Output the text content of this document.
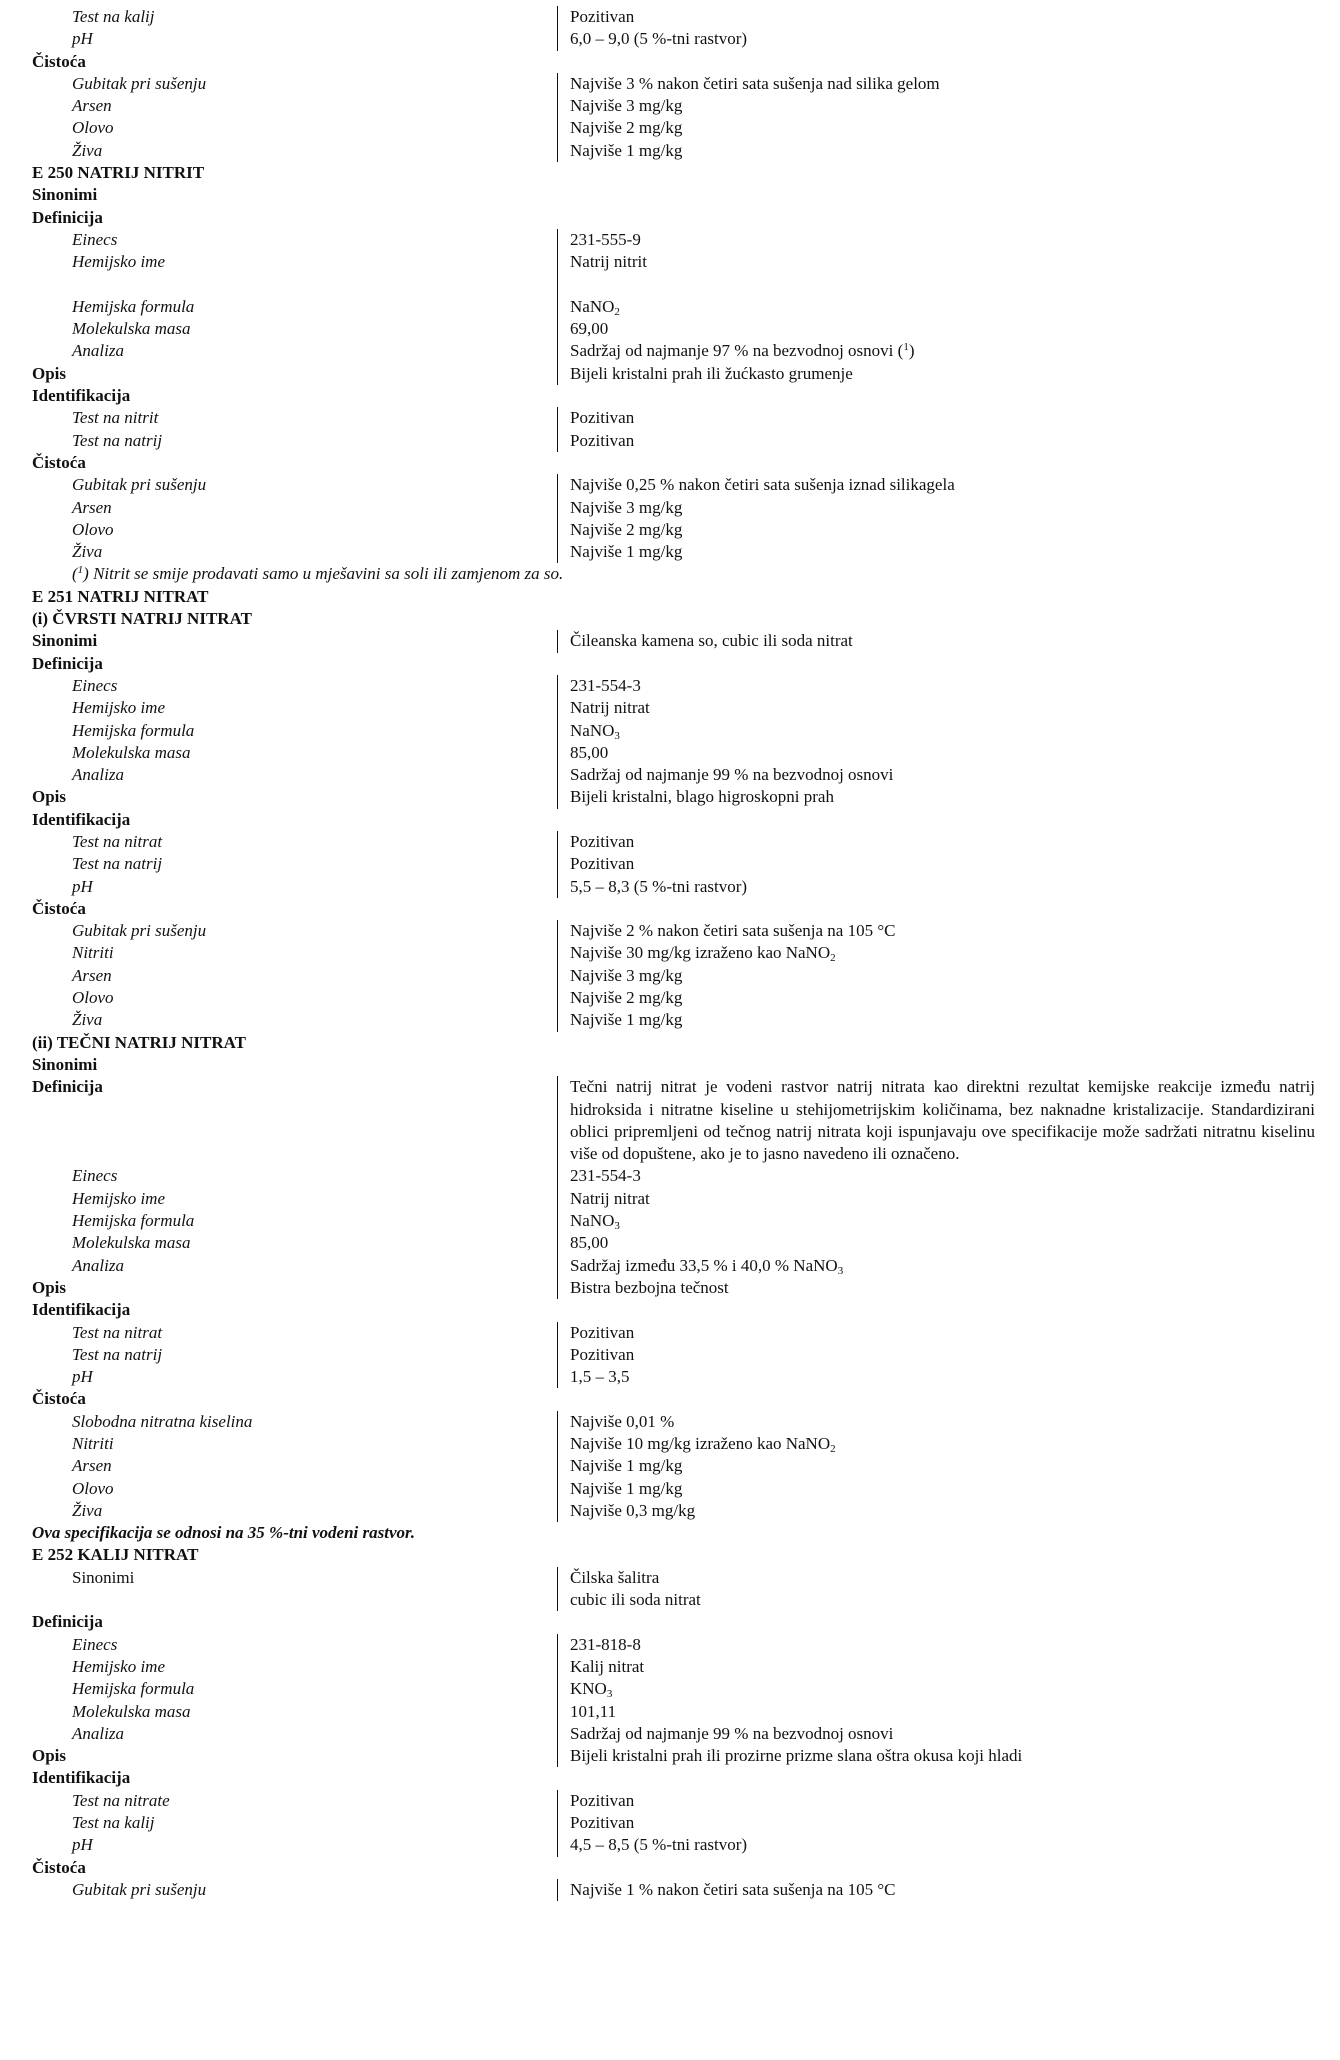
Test na kalij	Pozitivan
pH	6,0 – 9,0 (5 %-tni rastvor)
Čistoća
Gubitak pri sušenju	Najviše 3 % nakon četiri sata sušenja nad silika gelom
Arsen	Najviše 3 mg/kg
Olovo	Najviše 2 mg/kg
Živa	Najviše 1 mg/kg
E 250 NATRIJ NITRIT
Sinonimi
Definicija
Einecs	231-555-9
Hemijsko ime	Natrij nitrit

Hemijska formula	NaNO$_2$
Molekulska masa	69,00
Analiza	Sadržaj od najmanje 97 % na bezvodnoj osnovi ($^1$)
Opis	Bijeli kristalni prah ili žućkasto grumenje
Identifikacija
Test na nitrit	Pozitivan
Test na natrij	Pozitivan
Čistoća
Gubitak pri sušenju	Najviše 0,25 % nakon četiri sata sušenja iznad silikagela
Arsen	Najviše 3 mg/kg
Olovo	Najviše 2 mg/kg
Živa	Najviše 1 mg/kg
($^1$) Nitrit se smije prodavati samo u mješavini sa soli ili zamjenom za so.
E 251 NATRIJ NITRAT
(i) ČVRSTI NATRIJ NITRAT
Sinonimi	Čileanska kamena so, cubic ili soda nitrat
Definicija
Einecs	231-554-3
Hemijsko ime	Natrij nitrat
Hemijska formula	NaNO$_3$
Molekulska masa	85,00
Analiza	Sadržaj od najmanje 99 % na bezvodnoj osnovi
Opis	Bijeli kristalni, blago higroskopni prah
Identifikacija
Test na nitrat	Pozitivan
Test na natrij	Pozitivan
pH	5,5 – 8,3 (5 %-tni rastvor)
Čistoća
Gubitak pri sušenju	Najviše 2 % nakon četiri sata sušenja na 105 °C
Nitriti	Najviše 30 mg/kg izraženo kao NaNO$_2$
Arsen	Najviše 3 mg/kg
Olovo	Najviše 2 mg/kg
Živa	Najviše 1 mg/kg
(ii) TEČNI NATRIJ NITRAT
Sinonimi
Definicija	Tečni natrij nitrat je vodeni rastvor natrij nitrata kao direktni rezultat kemijske reakcije između natrij hidroksida i nitratne kiseline u stehijometrijskim količinama, bez naknadne kristalizacije. Standardizirani oblici pripremljeni od tečnog natrij nitrata koji ispunjavaju ove specifikacije može sadržati nitratnu kiselinu više od dopuštene, ako je to jasno navedeno ili označeno.
Einecs	231-554-3
Hemijsko ime	Natrij nitrat
Hemijska formula	NaNO$_3$
Molekulska masa	85,00
Analiza	Sadržaj između 33,5 % i 40,0 % NaNO$_3$
Opis	Bistra bezbojna tečnost
Identifikacija
Test na nitrat	Pozitivan
Test na natrij	Pozitivan
pH	1,5 – 3,5
Čistoća
Slobodna nitratna kiselina	Najviše 0,01 %
Nitriti	Najviše 10 mg/kg izraženo kao NaNO$_2$
Arsen	Najviše 1 mg/kg
Olovo	Najviše 1 mg/kg
Živa	Najviše 0,3 mg/kg
Ova specifikacija se odnosi na 35 %-tni vodeni rastvor.
E 252 KALIJ NITRAT
Sinonimi	Čilska šalitra
cubic ili soda nitrat
Definicija
Einecs	231-818-8
Hemijsko ime	Kalij nitrat
Hemijska formula	$KNO_3$
Molekulska masa	101,11
Analiza	Sadržaj od najmanje 99 % na bezvodnoj osnovi
Opis	Bijeli kristalni prah ili prozirne prizme slana oštra okusa koji hladi
Identifikacija
Test na nitrate	Pozitivan
Test na kalij	Pozitivan
pH	4,5 – 8,5 (5 %-tni rastvor)
Čistoća
Gubitak pri sušenju	Najviše 1 % nakon četiri sata sušenja na 105 °C
